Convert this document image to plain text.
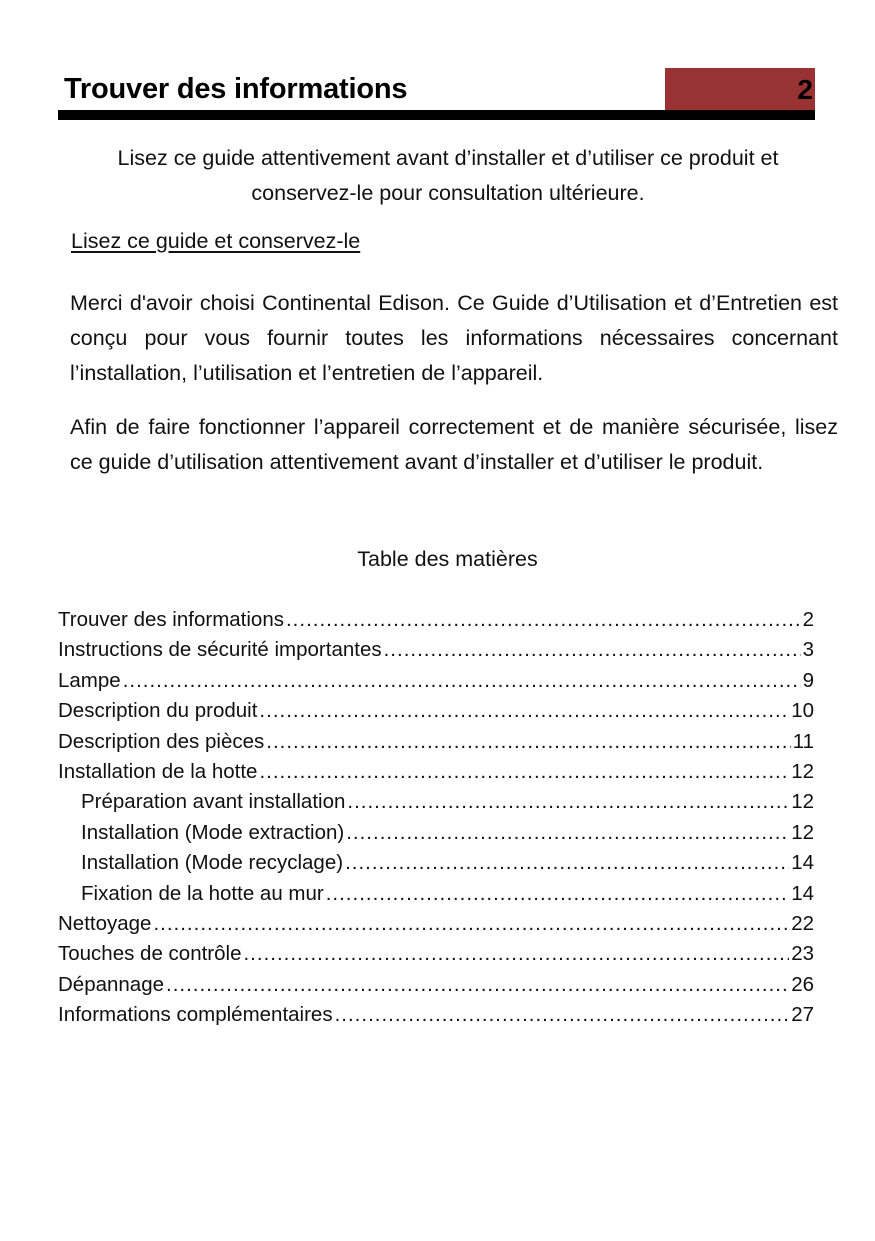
Trouver des informations	2
Lisez ce guide attentivement avant d’installer et d’utiliser ce produit et conservez-le pour consultation ultérieure.
Lisez ce guide et conservez-le
Merci d'avoir choisi Continental Edison. Ce Guide d’Utilisation et d’Entretien est conçu pour vous fournir toutes les informations nécessaires concernant l’installation, l’utilisation et l’entretien de l’appareil.
Afin de faire fonctionner l’appareil correctement et de manière sécurisée, lisez ce guide d’utilisation attentivement avant d’installer et d’utiliser le produit.
Table des matières
Trouver des informations .....	2
Instructions de sécurité importantes .....	3
Lampe .....	9
Description du produit .....	10
Description des pièces .....	11
Installation de la hotte .....	12
Préparation avant installation .....	12
Installation (Mode extraction) .....	12
Installation (Mode recyclage) .....	14
Fixation de la hotte au mur .....	14
Nettoyage .....	22
Touches de contrôle .....	23
Dépannage .....	26
Informations complémentaires .....	27
